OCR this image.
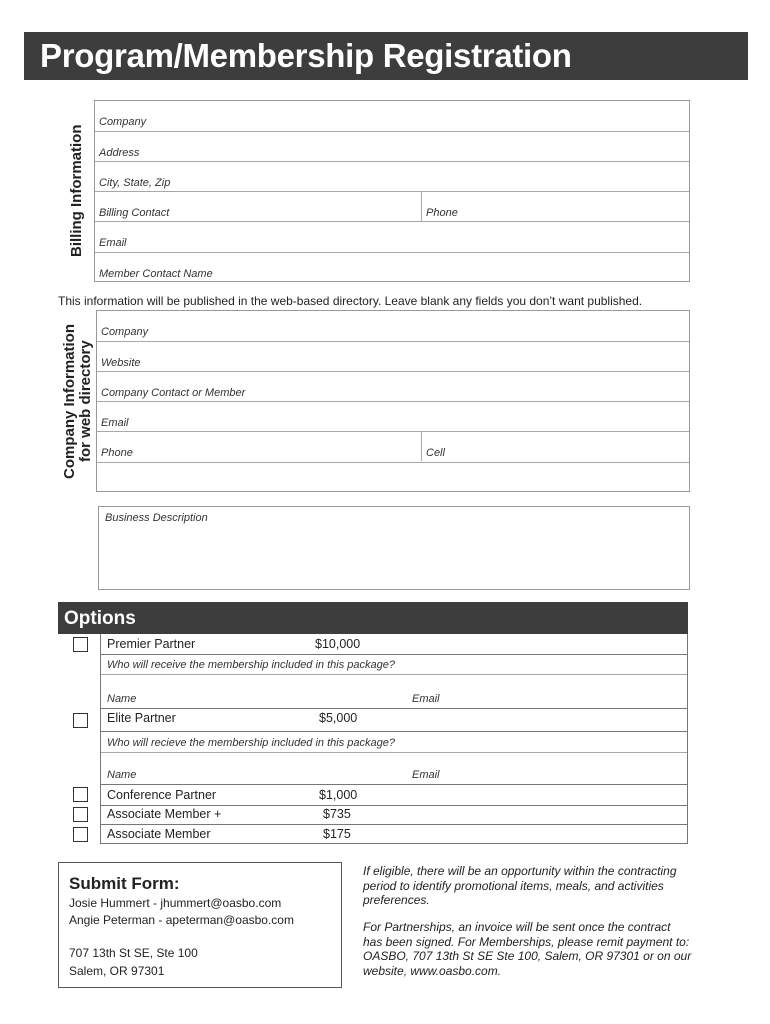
Program/Membership Registration
Billing Information
Company
Address
City, State, Zip
Billing Contact	Phone
Email
Member Contact Name
This information will be published in the web-based directory. Leave blank any fields you don’t want published.
Company Information
for web directory
Company
Website
Company Contact or Member
Email
Phone	Cell
Business Description
Options
Premier Partner	$10,000
Who will receive the membership included in this package?
Name	Email
Elite Partner	$5,000
Who will recieve the membership included in this package?
Name	Email
Conference Partner	$1,000
Associate Member +	$735
Associate Member	$175
Submit Form:
Josie Hummert - jhummert@oasbo.com
Angie Peterman - apeterman@oasbo.com
707 13th St SE, Ste 100
Salem, OR 97301
If eligible, there will be an opportunity within the contracting
period to identify promotional items, meals, and activities
preferences.
For Partnerships, an invoice will be sent once the contract
has been signed. For Memberships, please remit payment to:
OASBO, 707 13th St SE Ste 100, Salem, OR 97301 or on our
website, www.oasbo.com.
